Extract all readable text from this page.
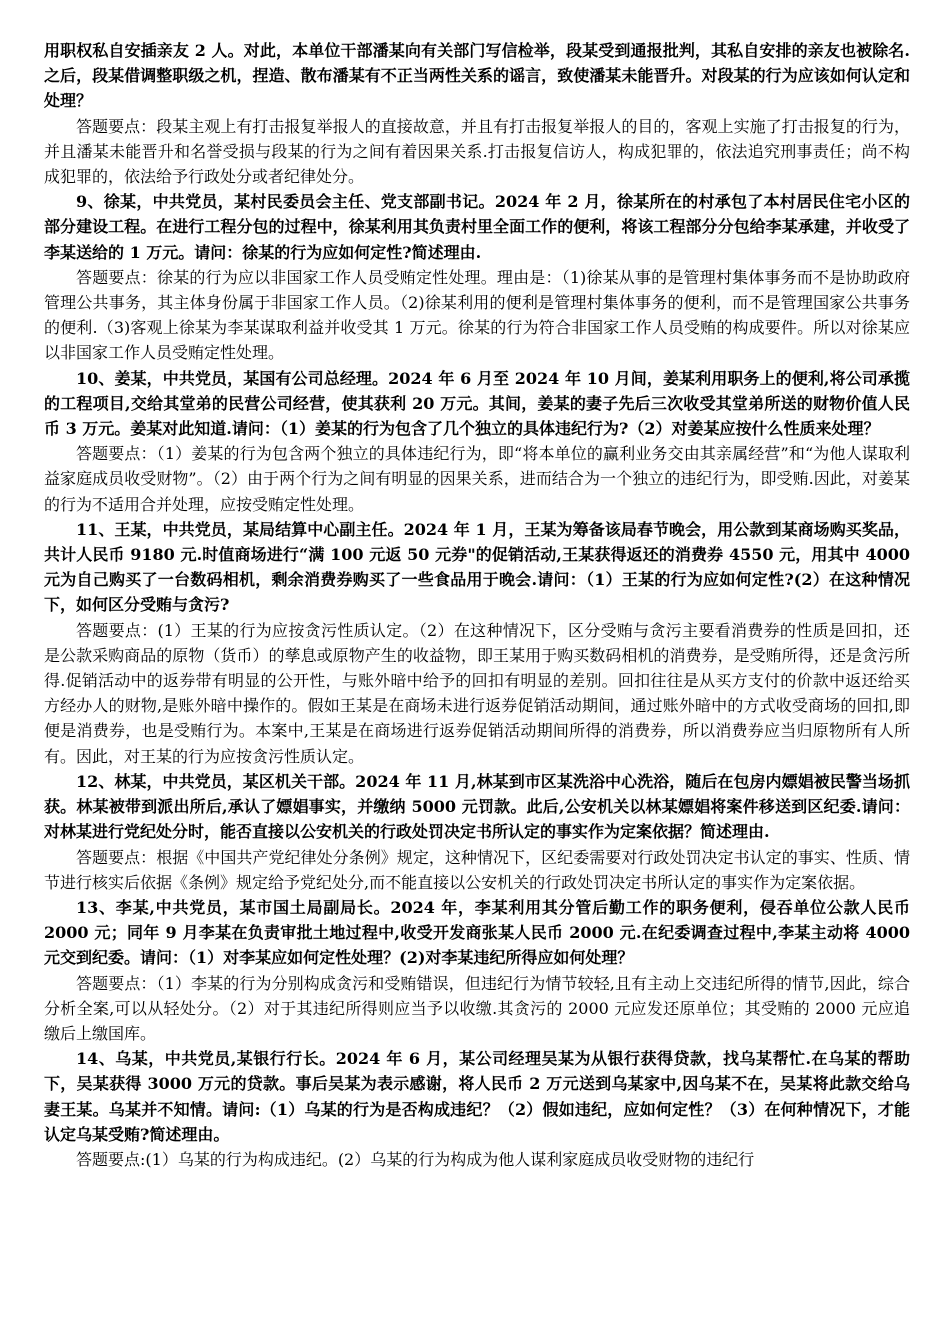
用职权私自安插亲友 2 人。对此，本单位干部潘某向有关部门写信检举，段某受到通报批判，其私自安排的亲友也被除名.之后，段某借调整职级之机，捏造、散布潘某有不正当两性关系的谣言，致使潘某未能晋升。对段某的行为应该如何认定和处理？

答题要点：段某主观上有打击报复举报人的直接故意，并且有打击报复举报人的目的，客观上实施了打击报复的行为，并且潘某未能晋升和名誉受损与段某的行为之间有着因果关系.打击报复信访人，构成犯罪的，依法追究刑事责任；尚不构成犯罪的，依法给予行政处分或者纪律处分。

9、徐某，中共党员，某村民委员会主任、党支部副书记。2024 年 2 月，徐某所在的村承包了本村居民住宅小区的部分建设工程。在进行工程分包的过程中，徐某利用其负责村里全面工作的便利，将该工程部分分包给李某承建，并收受了李某送给的 1 万元。请问：徐某的行为应如何定性?简述理由.

答题要点：徐某的行为应以非国家工作人员受贿定性处理。理由是：（1)徐某从事的是管理村集体事务而不是协助政府管理公共事务，其主体身份属于非国家工作人员。（2)徐某利用的便利是管理村集体事务的便利，而不是管理国家公共事务的便利.（3)客观上徐某为李某谋取利益并收受其 1 万元。徐某的行为符合非国家工作人员受贿的构成要件。所以对徐某应以非国家工作人员受贿定性处理。

10、姜某，中共党员，某国有公司总经理。2024 年 6 月至 2024 年 10 月间，姜某利用职务上的便利,将公司承揽的工程项目,交给其堂弟的民营公司经营，使其获利 20 万元。其间，姜某的妻子先后三次收受其堂弟所送的财物价值人民币 3 万元。姜某对此知道.请问：（1）姜某的行为包含了几个独立的具体违纪行为?（2）对姜某应按什么性质来处理？

答题要点：（1）姜某的行为包含两个独立的具体违纪行为，即“将本单位的赢利业务交由其亲属经营”和“为他人谋取利益家庭成员收受财物”。（2）由于两个行为之间有明显的因果关系，进而结合为一个独立的违纪行为，即受贿.因此，对姜某的行为不适用合并处理，应按受贿定性处理。

11、王某，中共党员，某局结算中心副主任。2024 年 1 月，王某为筹备该局春节晚会，用公款到某商场购买奖品，共计人民币 9180 元.时值商场进行“满 100 元返 50 元券"的促销活动,王某获得返还的消费券 4550 元，用其中 4000 元为自己购买了一台数码相机，剩余消费券购买了一些食品用于晚会.请问：（1）王某的行为应如何定性?(2）在这种情况下，如何区分受贿与贪污?

答题要点：(1）王某的行为应按贪污性质认定。（2）在这种情况下，区分受贿与贪污主要看消费券的性质是回扣，还是公款采购商品的原物（货币）的孳息或原物产生的收益物，即王某用于购买数码相机的消费券，是受贿所得，还是贪污所得.促销活动中的返券带有明显的公开性，与账外暗中给予的回扣有明显的差别。回扣往往是从买方支付的价款中返还给买方经办人的财物,是账外暗中操作的。假如王某是在商场未进行返券促销活动期间，通过账外暗中的方式收受商场的回扣,即便是消费券，也是受贿行为。本案中,王某是在商场进行返券促销活动期间所得的消费券，所以消费券应当归原物所有人所有。因此，对王某的行为应按贪污性质认定。

12、林某，中共党员，某区机关干部。2024 年 11 月,林某到市区某洗浴中心洗浴，随后在包房内嫖娼被民警当场抓获。林某被带到派出所后,承认了嫖娼事实，并缴纳 5000 元罚款。此后,公安机关以林某嫖娼将案件移送到区纪委.请问：对林某进行党纪处分时，能否直接以公安机关的行政处罚决定书所认定的事实作为定案依据？简述理由.

答题要点：根据《中国共产党纪律处分条例》规定，这种情况下，区纪委需要对行政处罚决定书认定的事实、性质、情节进行核实后依据《条例》规定给予党纪处分,而不能直接以公安机关的行政处罚决定书所认定的事实作为定案依据。

13、李某,中共党员，某市国土局副局长。2024 年，李某利用其分管后勤工作的职务便利，侵吞单位公款人民币 2000 元；同年 9 月李某在负责审批土地过程中,收受开发商张某人民币 2000 元.在纪委调查过程中,李某主动将 4000 元交到纪委。请问：（1）对李某应如何定性处理？(2)对李某违纪所得应如何处理？

答题要点：（1）李某的行为分别构成贪污和受贿错误，但违纪行为情节较轻,且有主动上交违纪所得的情节,因此，综合分析全案,可以从轻处分。（2）对于其违纪所得则应当予以收缴.其贪污的 2000 元应发还原单位；其受贿的 2000 元应追缴后上缴国库。

14、乌某，中共党员,某银行行长。2024 年 6 月，某公司经理吴某为从银行获得贷款，找乌某帮忙.在乌某的帮助下，吴某获得 3000 万元的贷款。事后吴某为表示感谢，将人民币 2 万元送到乌某家中,因乌某不在，吴某将此款交给乌妻王某。乌某并不知情。请问:（1）乌某的行为是否构成违纪？（2）假如违纪，应如何定性？（3）在何种情况下，才能认定乌某受贿?简述理由。

答题要点:(1）乌某的行为构成违纪。(2）乌某的行为构成为他人谋利家庭成员收受财物的违纪行
